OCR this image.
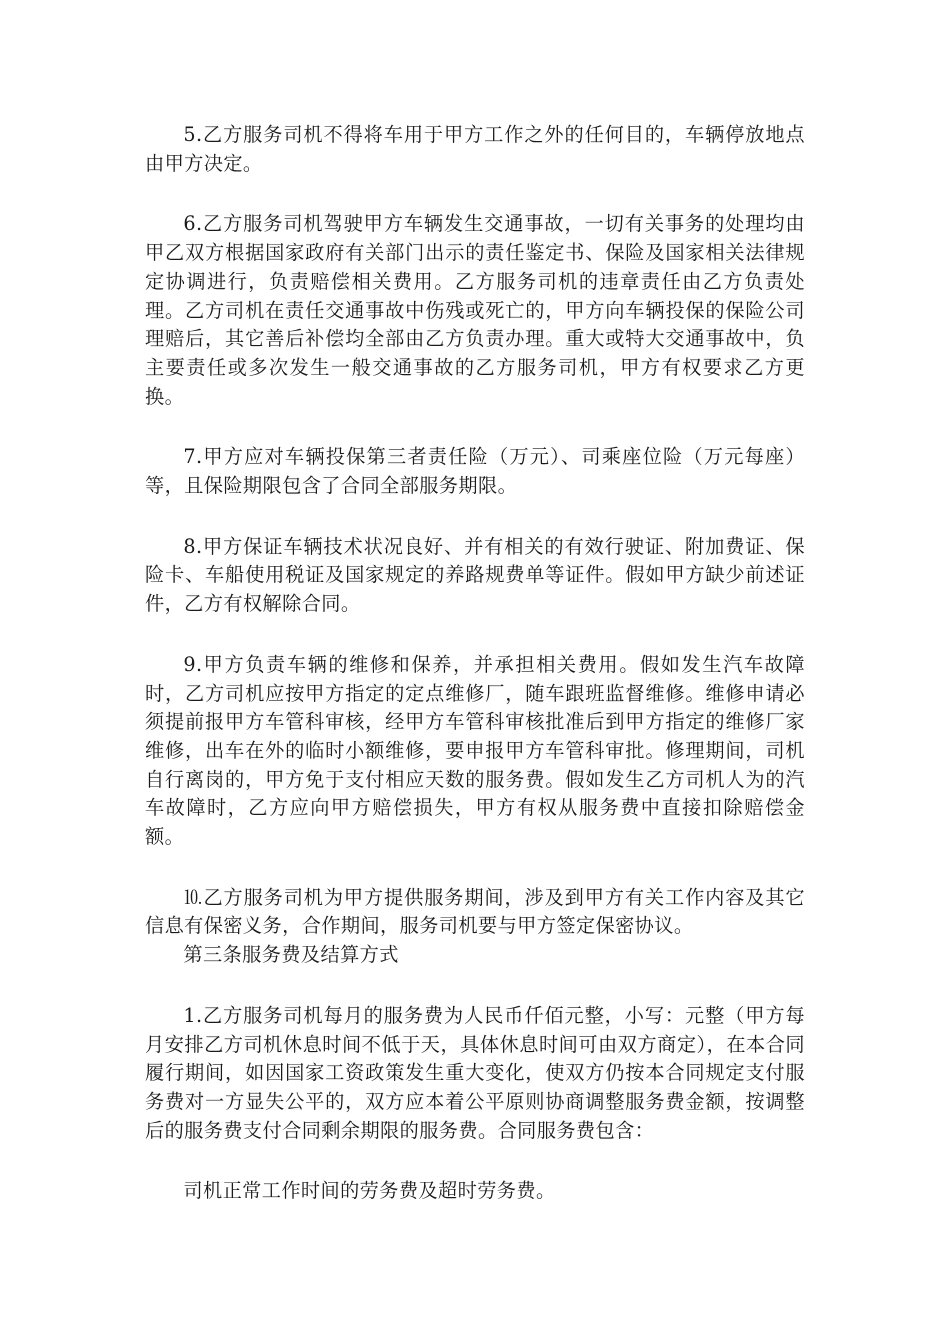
5.乙方服务司机不得将车用于甲方工作之外的任何目的，车辆停放地点由甲方决定。

6.乙方服务司机驾驶甲方车辆发生交通事故，一切有关事务的处理均由甲乙双方根据国家政府有关部门出示的责任鉴定书、保险及国家相关法律规定协调进行，负责赔偿相关费用。乙方服务司机的违章责任由乙方负责处理。乙方司机在责任交通事故中伤残或死亡的，甲方向车辆投保的保险公司理赔后，其它善后补偿均全部由乙方负责办理。重大或特大交通事故中，负主要责任或多次发生一般交通事故的乙方服务司机，甲方有权要求乙方更换。

7.甲方应对车辆投保第三者责任险（万元）、司乘座位险（万元每座）等，且保险期限包含了合同全部服务期限。

8.甲方保证车辆技术状况良好、并有相关的有效行驶证、附加费证、保险卡、车船使用税证及国家规定的养路规费单等证件。假如甲方缺少前述证件，乙方有权解除合同。

9.甲方负责车辆的维修和保养，并承担相关费用。假如发生汽车故障时，乙方司机应按甲方指定的定点维修厂，随车跟班监督维修。维修申请必须提前报甲方车管科审核，经甲方车管科审核批准后到甲方指定的维修厂家维修，出车在外的临时小额维修，要申报甲方车管科审批。修理期间，司机自行离岗的，甲方免于支付相应天数的服务费。假如发生乙方司机人为的汽车故障时，乙方应向甲方赔偿损失，甲方有权从服务费中直接扣除赔偿金额。

⒑乙方服务司机为甲方提供服务期间，涉及到甲方有关工作内容及其它信息有保密义务，合作期间，服务司机要与甲方签定保密协议。

第三条服务费及结算方式

1.乙方服务司机每月的服务费为人民币仟佰元整，小写：元整（甲方每月安排乙方司机休息时间不低于天，具体休息时间可由双方商定），在本合同履行期间，如因国家工资政策发生重大变化，使双方仍按本合同规定支付服务费对一方显失公平的，双方应本着公平原则协商调整服务费金额，按调整后的服务费支付合同剩余期限的服务费。合同服务费包含：

司机正常工作时间的劳务费及超时劳务费。
